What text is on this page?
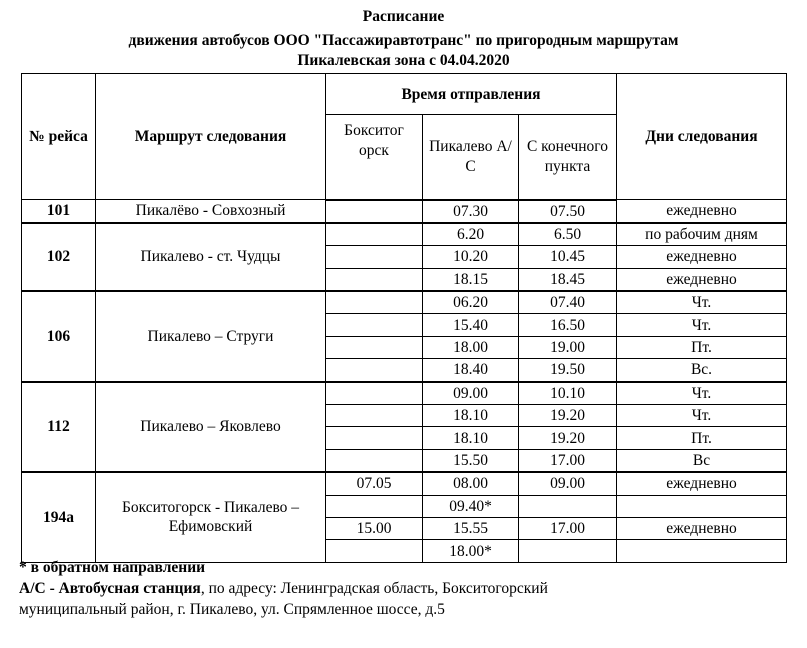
Расписание
движения автобусов ООО "Пассажиравтотранс" по пригородным маршрутам
Пикалевская зона с 04.04.2020
№ рейса	Маршрут следования	Время отправления			Дни следования
		Бокситог орск	Пикалево А/С	С конечного пункта	
101	Пикалёво - Совхозный		07.30	07.50	ежедневно
102	Пикалево - ст. Чудцы		6.20	6.50	по рабочим дням
			10.20	10.45	ежедневно
			18.15	18.45	ежедневно
106	Пикалево – Струги		06.20	07.40	Чт.
			15.40	16.50	Чт.
			18.00	19.00	Пт.
			18.40	19.50	Вс.
112	Пикалево – Яковлево		09.00	10.10	Чт.
			18.10	19.20	Чт.
			18.10	19.20	Пт.
			15.50	17.00	Вс
194а	Бокситогорск - Пикалево – Ефимовский	07.05	08.00	09.00	ежедневно
			09.40*		
		15.00	15.55	17.00	ежедневно
			18.00*		
* в обратном направлении
А/С - Автобусная станция, по адресу: Ленинградская область, Бокситогорский
муниципальный район, г. Пикалево, ул. Спрямленное шоссе, д.5
